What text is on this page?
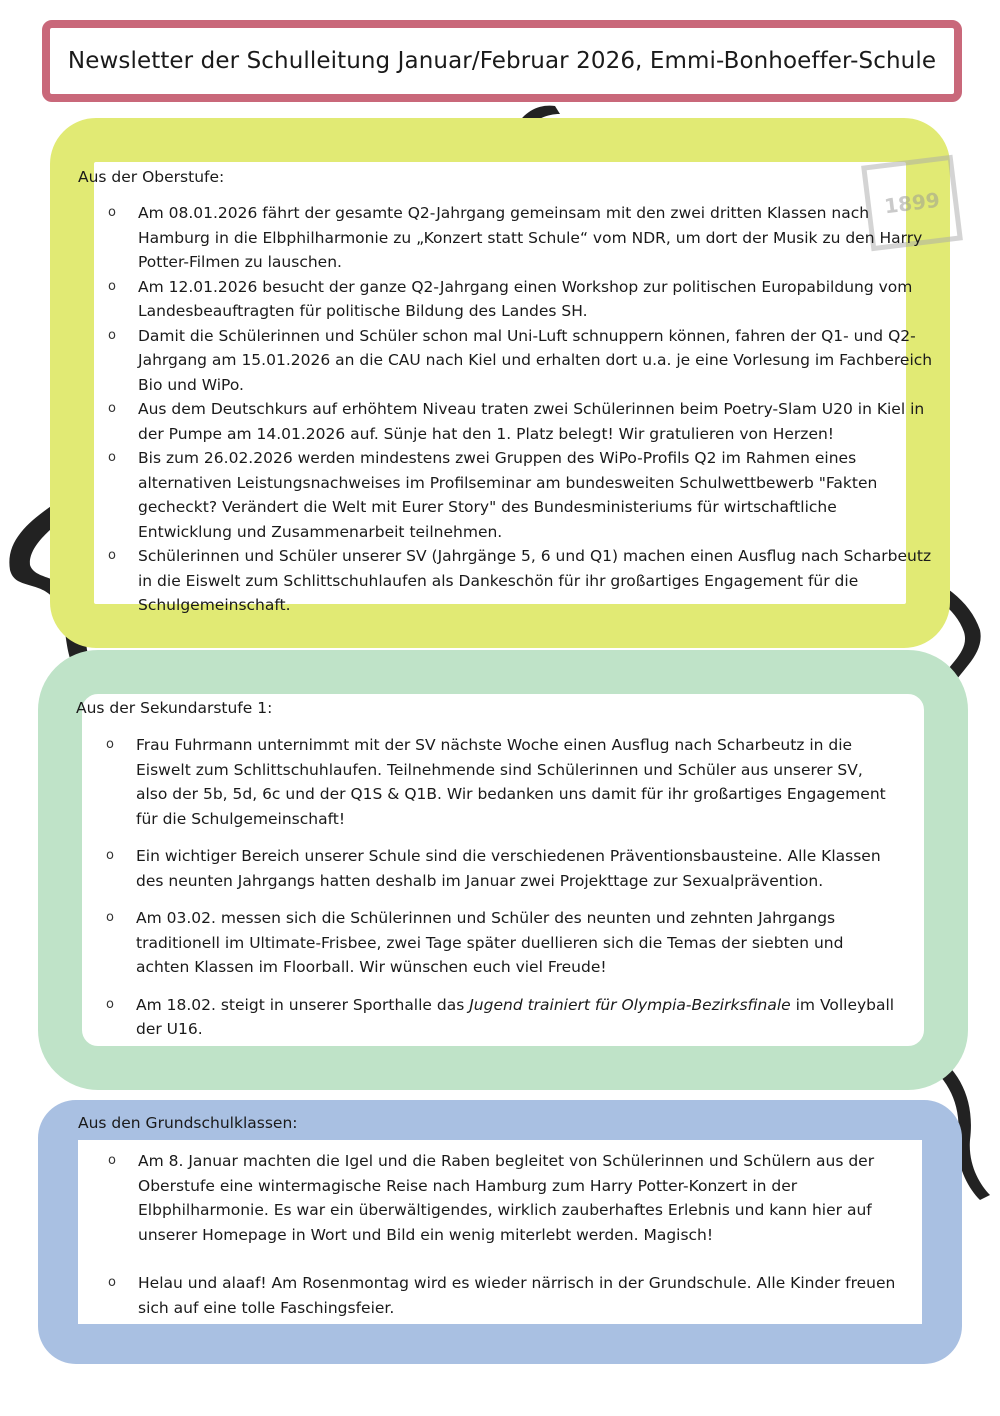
Newsletter der Schulleitung Januar/Februar 2026, Emmi-Bonhoeffer-Schule
1899
Aus der Oberstufe:
o Am 08.01.2026 fährt der gesamte Q2-Jahrgang gemeinsam mit den zwei dritten Klassen nach Hamburg in die Elbphilharmonie zu „Konzert statt Schule“ vom NDR, um dort der Musik zu den Harry Potter-Filmen zu lauschen.
o Am 12.01.2026 besucht der ganze Q2-Jahrgang einen Workshop zur politischen Europabildung vom Landesbeauftragten für politische Bildung des Landes SH.
o Damit die Schülerinnen und Schüler schon mal Uni-Luft schnuppern können, fahren der Q1- und Q2-Jahrgang am 15.01.2026 an die CAU nach Kiel und erhalten dort u.a. je eine Vorlesung im Fachbereich Bio und WiPo.
o Aus dem Deutschkurs auf erhöhtem Niveau traten zwei Schülerinnen beim Poetry-Slam U20 in Kiel in der Pumpe am 14.01.2026 auf. Sünje hat den 1. Platz belegt! Wir gratulieren von Herzen!
o Bis zum 26.02.2026 werden mindestens zwei Gruppen des WiPo-Profils Q2 im Rahmen eines alternativen Leistungsnachweises im Profilseminar am bundesweiten Schulwettbewerb "Fakten gecheckt? Verändert die Welt mit Eurer Story" des Bundesministeriums für wirtschaftliche Entwicklung und Zusammenarbeit teilnehmen.
o Schülerinnen und Schüler unserer SV (Jahrgänge 5, 6 und Q1) machen einen Ausflug nach Scharbeutz in die Eiswelt zum Schlittschuhlaufen als Dankeschön für ihr großartiges Engagement für die Schulgemeinschaft.
Aus der Sekundarstufe 1:
o Frau Fuhrmann unternimmt mit der SV nächste Woche einen Ausflug nach Scharbeutz in die Eiswelt zum Schlittschuhlaufen. Teilnehmende sind Schülerinnen und Schüler aus unserer SV, also der 5b, 5d, 6c und der Q1S & Q1B. Wir bedanken uns damit für ihr großartiges Engagement für die Schulgemeinschaft!
o Ein wichtiger Bereich unserer Schule sind die verschiedenen Präventionsbausteine. Alle Klassen des neunten Jahrgangs hatten deshalb im Januar zwei Projekttage zur Sexualprävention.
o Am 03.02. messen sich die Schülerinnen und Schüler des neunten und zehnten Jahrgangs traditionell im Ultimate-Frisbee, zwei Tage später duellieren sich die Temas der siebten und achten Klassen im Floorball. Wir wünschen euch viel Freude!
o Am 18.02. steigt in unserer Sporthalle das Jugend trainiert für Olympia-Bezirksfinale im Volleyball der U16.
Aus den Grundschulklassen:
o Am 8. Januar machten die Igel und die Raben begleitet von Schülerinnen und Schülern aus der Oberstufe eine wintermagische Reise nach Hamburg zum Harry Potter-Konzert in der Elbphilharmonie. Es war ein überwältigendes, wirklich zauberhaftes Erlebnis und kann hier auf unserer Homepage in Wort und Bild ein wenig miterlebt werden. Magisch!
o Helau und alaaf! Am Rosenmontag wird es wieder närrisch in der Grundschule. Alle Kinder freuen sich auf eine tolle Faschingsfeier.
